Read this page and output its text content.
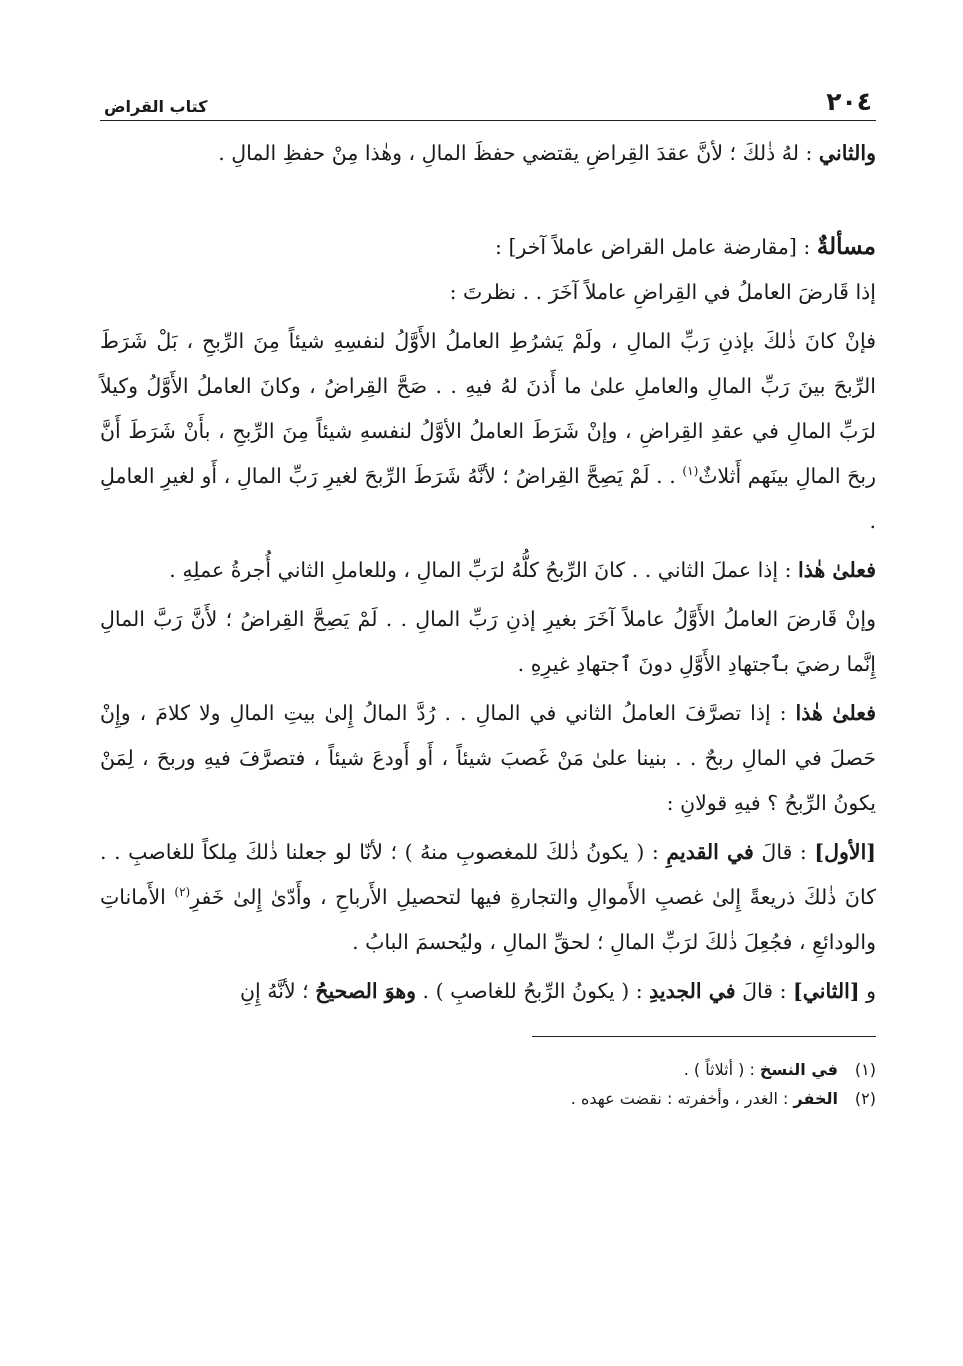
٢٠٤
كتاب القراض

والثاني : لهُ ذٰلكَ ؛ لأنَّ عقدَ القِراضِ يقتضي حفظَ المالِ ، وهٰذا مِنْ حفظِ المالِ .

مسألةٌ : [مقارضة عامل القراض عاملاً آخر] :

إذا قَارضَ العاملُ في القِراضِ عاملاً آخَرَ . . نظرتَ :

فإنْ كانَ ذٰلكَ بإذنِ رَبِّ المالِ ، ولَمْ يَشرُطِ العاملُ الأَوَّلُ لنفسِهِ شيئاً مِنَ الرِّبحِ ، بَلْ شَرَطَ الرِّبحَ بينَ رَبِّ المالِ والعاملِ علىٰ ما أَذنَ لهُ فيهِ . . صَحَّ القِراضُ ، وكانَ العاملُ الأَوَّلُ وكيلاً لرَبِّ المالِ في عقدِ القِراضِ ، وإنْ شَرَطَ العاملُ الأوَّلُ لنفسهِ شيئاً مِنَ الرِّبحِ ، بأَنْ شَرَطَ أَنَّ ربحَ المالِ بينَهم أَثلاثٌ$^{(١)}$ . . لَمْ يَصِحَّ القِراضُ ؛ لأنَّهُ شَرَطَ الرِّبحَ لغيرِ رَبِّ المالِ ، أَو لغيرِ العاملِ .

فعلىٰ هٰذا : إذا عملَ الثاني . . كانَ الرِّبحُ كلُّهُ لرَبِّ المالِ ، وللعاملِ الثاني أُجرةُ عملِهِ .

وإنْ قَارضَ العاملُ الأَوَّلُ عاملاً آخَرَ بغيرِ إذنِ رَبِّ المالِ . . لَمْ يَصِحَّ القِراضُ ؛ لأَنَّ رَبَّ المالِ إِنَّما رضيَ بٱجتهادِ الأَوَّلِ دونَ ٱجتهادِ غيرِهِ .

فعلىٰ هٰذا : إذا تصرَّفَ العاملُ الثاني في المالِ . . رُدَّ المالُ إِلىٰ بيتِ المالِ ولا كلامَ ، وإِنْ حَصلَ في المالِ ربحٌ . . بنينا علىٰ مَنْ غَصبَ شيئاً ، أَو أَودعَ شيئاً ، فتصرَّفَ فيهِ وربحَ ، لِمَنْ يكونُ الرِّبحُ ؟ فيهِ قولانِ :

[الأول] : قالَ في القديمِ : ( يكونُ ذٰلكَ للمغصوبِ منهُ ) ؛ لأنّا لو جعلنا ذٰلكَ مِلكاً للغاصبِ . . كانَ ذٰلكَ ذريعةً إِلىٰ غصبِ الأَموالِ والتجارةِ فيها لتحصيلِ الأَرباحِ ، وأَدّىٰ إِلىٰ خَفرِ$^{(٢)}$ الأَماناتِ والودائعِ ، فجُعِلَ ذٰلكَ لرَبِّ المالِ ؛ لحقِّ المالِ ، وليُحسمَ البابُ .

و [الثاني] : قالَ في الجديدِ : ( يكونُ الرِّبحُ للغاصبِ ) . وهوَ الصحيحُ ؛ لأنَّهُ إِنِ

(١)
في النسخ : ( أثلاثاً ) .
(٢)
الخفر : الغدر ، وأخفرته : نقضت عهده .
